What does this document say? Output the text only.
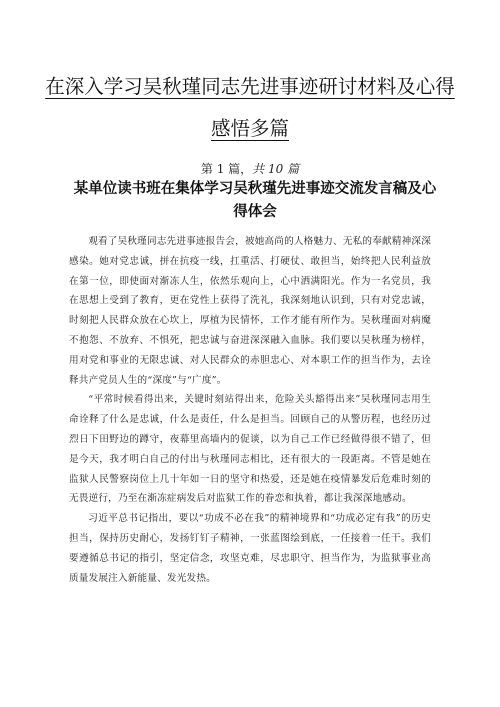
在深入学习吴秋瑾同志先进事迹研讨材料及心得感悟多篇
第 1 篇，共 10 篇
某单位读书班在集体学习吴秋瑾先进事迹交流发言稿及心得体会

观看了吴秋瑾同志先进事迹报告会，被她高尚的人格魅力、无私的奉献精神深深感染。她对党忠诚，拼在抗疫一线，扛重活、打硬仗、敢担当，始终把人民利益放在第一位，即使面对渐冻人生，依然乐观向上，心中洒满阳光。作为一名党员，我在思想上受到了教育，更在党性上获得了洗礼，我深刻地认识到，只有对党忠诚，时刻把人民群众放在心坎上，厚植为民情怀，工作才能有所作为。吴秋瑾面对病魔不抱怨、不放弃、不惧死，把忠诚与奋进深深融入血脉。我们要以吴秋瑾为榜样，用对党和事业的无限忠诚、对人民群众的赤胆忠心、对本职工作的担当作为，去诠释共产党员人生的“深度”与“广度”。

“平常时候看得出来，关键时刻站得出来，危险关头豁得出来”吴秋瑾同志用生命诠释了什么是忠诚，什么是责任，什么是担当。回顾自己的从警历程，也经历过烈日下田野边的蹲守，夜幕里高墙内的促谈，以为自己工作已经做得很不错了，但是今天，我才明白自己的付出与秋瑾同志相比，还有很大的一段距离。不管是她在监狱人民警察岗位上几十年如一日的坚守和热爱，还是她在疫情暴发后危难时刻的无畏逆行，乃至在渐冻症病发后对监狱工作的眷恋和执着，都让我深深地感动。

习近平总书记指出，要以“功成不必在我”的精神境界和“功成必定有我”的历史担当，保持历史耐心，发扬钉钉子精神，一张蓝图绘到底，一任接着一任干。我们要遵循总书记的指引，坚定信念，攻坚克难，尽忠职守、担当作为，为监狱事业高质量发展注入新能量、发光发热。
